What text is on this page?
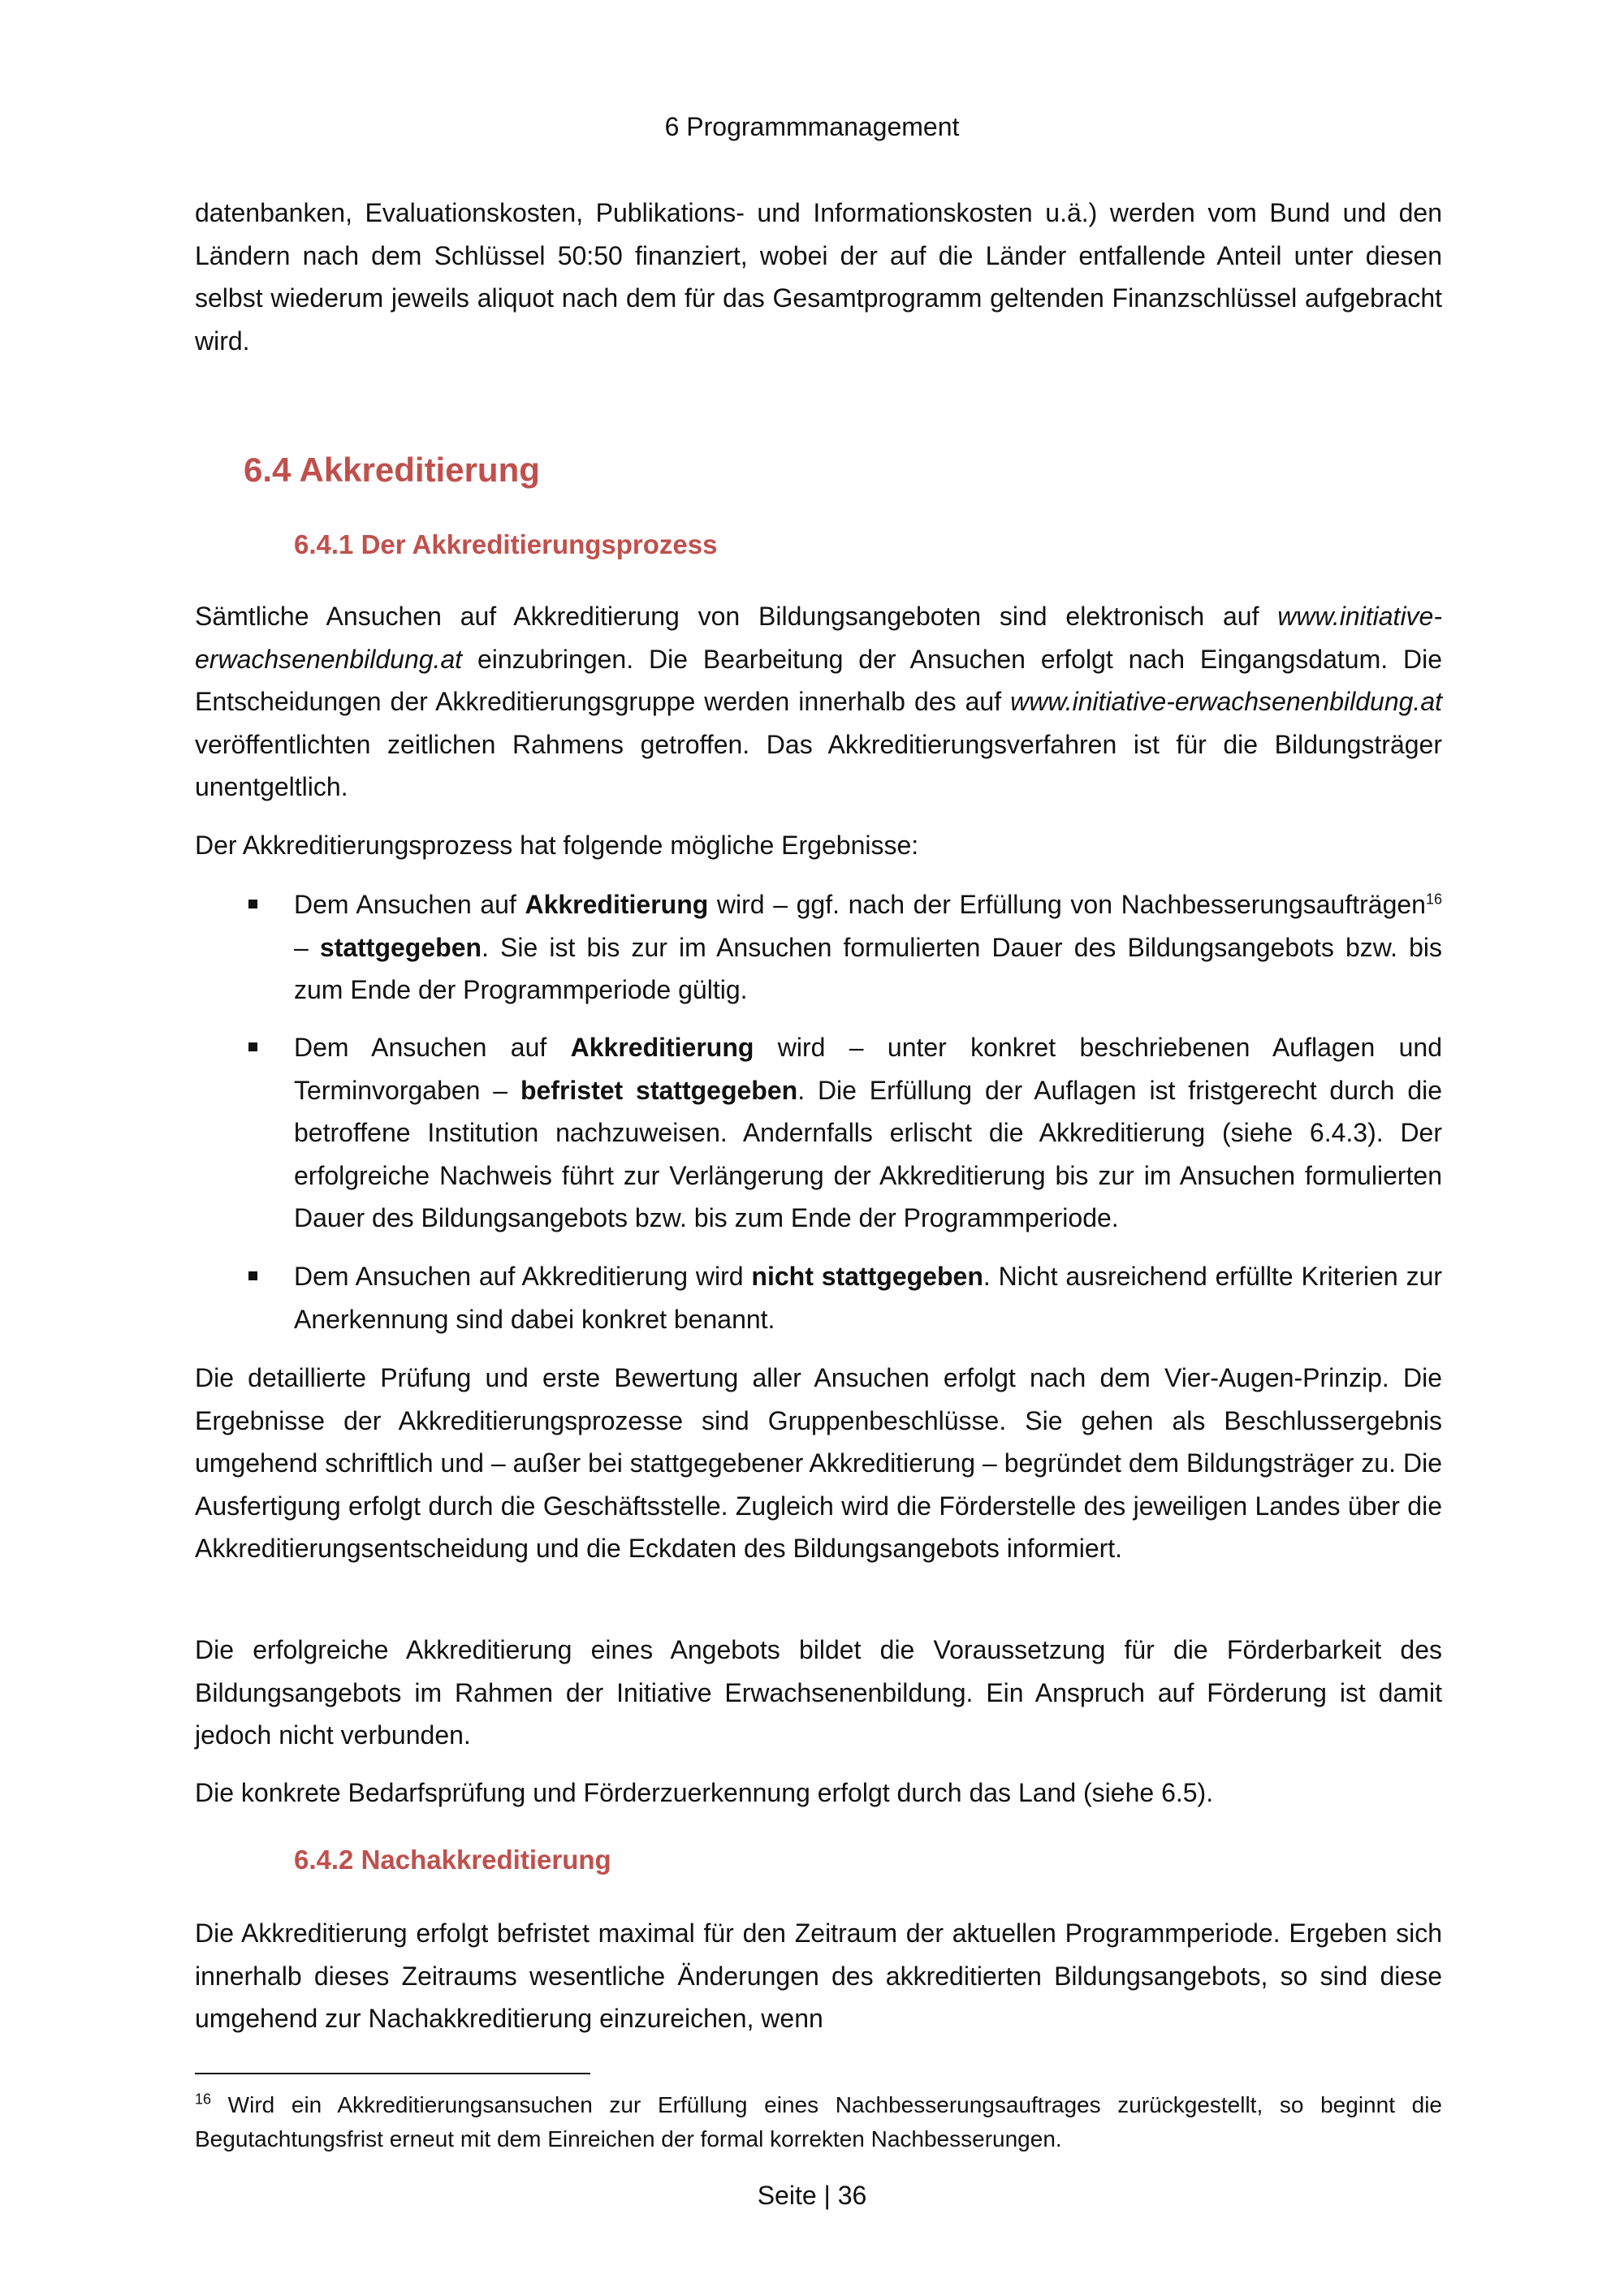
6 Programmmanagement
datenbanken, Evaluationskosten, Publikations- und Informationskosten u.ä.) werden vom Bund und den Ländern nach dem Schlüssel 50:50 finanziert, wobei der auf die Länder entfallende Anteil unter diesen selbst wiederum jeweils aliquot nach dem für das Gesamtprogramm geltenden Finanzschlüssel aufgebracht wird.
6.4 Akkreditierung
6.4.1 Der Akkreditierungsprozess
Sämtliche Ansuchen auf Akkreditierung von Bildungsangeboten sind elektronisch auf www.initiative-erwachsenenbildung.at einzubringen. Die Bearbeitung der Ansuchen erfolgt nach Eingangsdatum. Die Entscheidungen der Akkreditierungsgruppe werden innerhalb des auf www.initiative-erwachsenenbildung.at veröffentlichten zeitlichen Rahmens getroffen. Das Akkreditierungsverfahren ist für die Bildungsträger unentgeltlich.
Der Akkreditierungsprozess hat folgende mögliche Ergebnisse:
Dem Ansuchen auf Akkreditierung wird – ggf. nach der Erfüllung von Nachbesserungsaufträgen$^{16}$ – stattgegeben. Sie ist bis zur im Ansuchen formulierten Dauer des Bildungsangebots bzw. bis zum Ende der Programmperiode gültig.
Dem Ansuchen auf Akkreditierung wird – unter konkret beschriebenen Auflagen und Terminvorgaben – befristet stattgegeben. Die Erfüllung der Auflagen ist fristgerecht durch die betroffene Institution nachzuweisen. Andernfalls erlischt die Akkreditierung (siehe 6.4.3). Der erfolgreiche Nachweis führt zur Verlängerung der Akkreditierung bis zur im Ansuchen formulierten Dauer des Bildungsangebots bzw. bis zum Ende der Programmperiode.
Dem Ansuchen auf Akkreditierung wird nicht stattgegeben. Nicht ausreichend erfüllte Kriterien zur Anerkennung sind dabei konkret benannt.
Die detaillierte Prüfung und erste Bewertung aller Ansuchen erfolgt nach dem Vier-Augen-Prinzip. Die Ergebnisse der Akkreditierungsprozesse sind Gruppenbeschlüsse. Sie gehen als Beschlussergebnis umgehend schriftlich und – außer bei stattgegebener Akkreditierung – begründet dem Bildungsträger zu. Die Ausfertigung erfolgt durch die Geschäftsstelle. Zugleich wird die Förderstelle des jeweiligen Landes über die Akkreditierungsentscheidung und die Eckdaten des Bildungsangebots informiert.
Die erfolgreiche Akkreditierung eines Angebots bildet die Voraussetzung für die Förderbarkeit des Bildungsangebots im Rahmen der Initiative Erwachsenenbildung. Ein Anspruch auf Förderung ist damit jedoch nicht verbunden.
Die konkrete Bedarfsprüfung und Förderzuerkennung erfolgt durch das Land (siehe 6.5).
6.4.2 Nachakkreditierung
Die Akkreditierung erfolgt befristet maximal für den Zeitraum der aktuellen Programmperiode. Ergeben sich innerhalb dieses Zeitraums wesentliche Änderungen des akkreditierten Bildungsangebots, so sind diese umgehend zur Nachakkreditierung einzureichen, wenn
$^{16}$ Wird ein Akkreditierungsansuchen zur Erfüllung eines Nachbesserungsauftrages zurückgestellt, so beginnt die Begutachtungsfrist erneut mit dem Einreichen der formal korrekten Nachbesserungen.
Seite | 36
